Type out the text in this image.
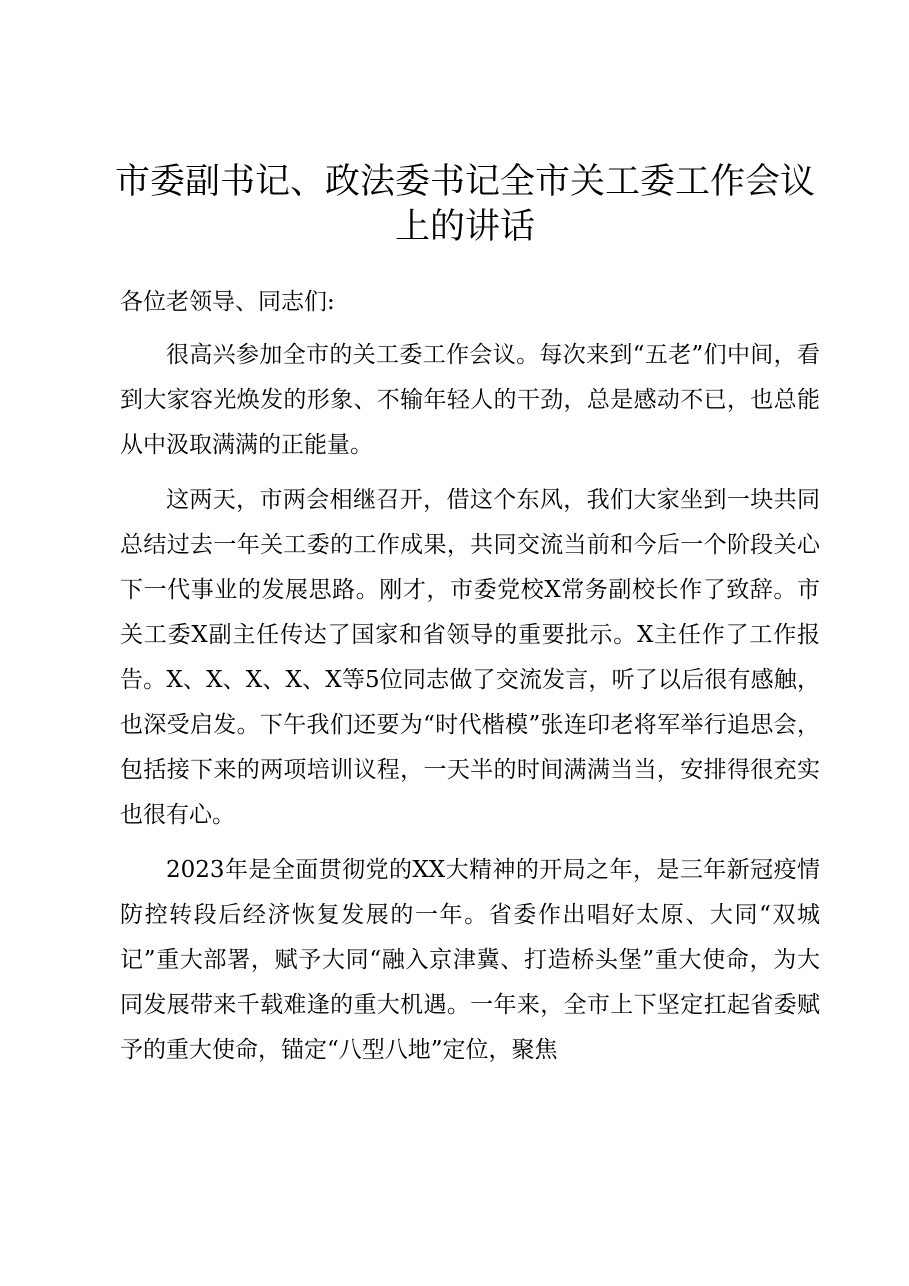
市委副书记、政法委书记全市关工委工作会议上的讲话

各位老领导、同志们:

很高兴参加全市的关工委工作会议。每次来到“五老”们中间，看到大家容光焕发的形象、不输年轻人的干劲，总是感动不已，也总能从中汲取满满的正能量。

这两天，市两会相继召开，借这个东风，我们大家坐到一块共同总结过去一年关工委的工作成果，共同交流当前和今后一个阶段关心下一代事业的发展思路。刚才，市委党校X常务副校长作了致辞。市关工委X副主任传达了国家和省领导的重要批示。X主任作了工作报告。X、X、X、X、X等5位同志做了交流发言，听了以后很有感触，也深受启发。下午我们还要为“时代楷模”张连印老将军举行追思会，包括接下来的两项培训议程，一天半的时间满满当当，安排得很充实也很有心。

2023年是全面贯彻党的XX大精神的开局之年，是三年新冠疫情防控转段后经济恢复发展的一年。省委作出唱好太原、大同“双城记”重大部署，赋予大同“融入京津冀、打造桥头堡”重大使命，为大同发展带来千载难逢的重大机遇。一年来，全市上下坚定扛起省委赋予的重大使命，锚定“八型八地”定位，聚焦
